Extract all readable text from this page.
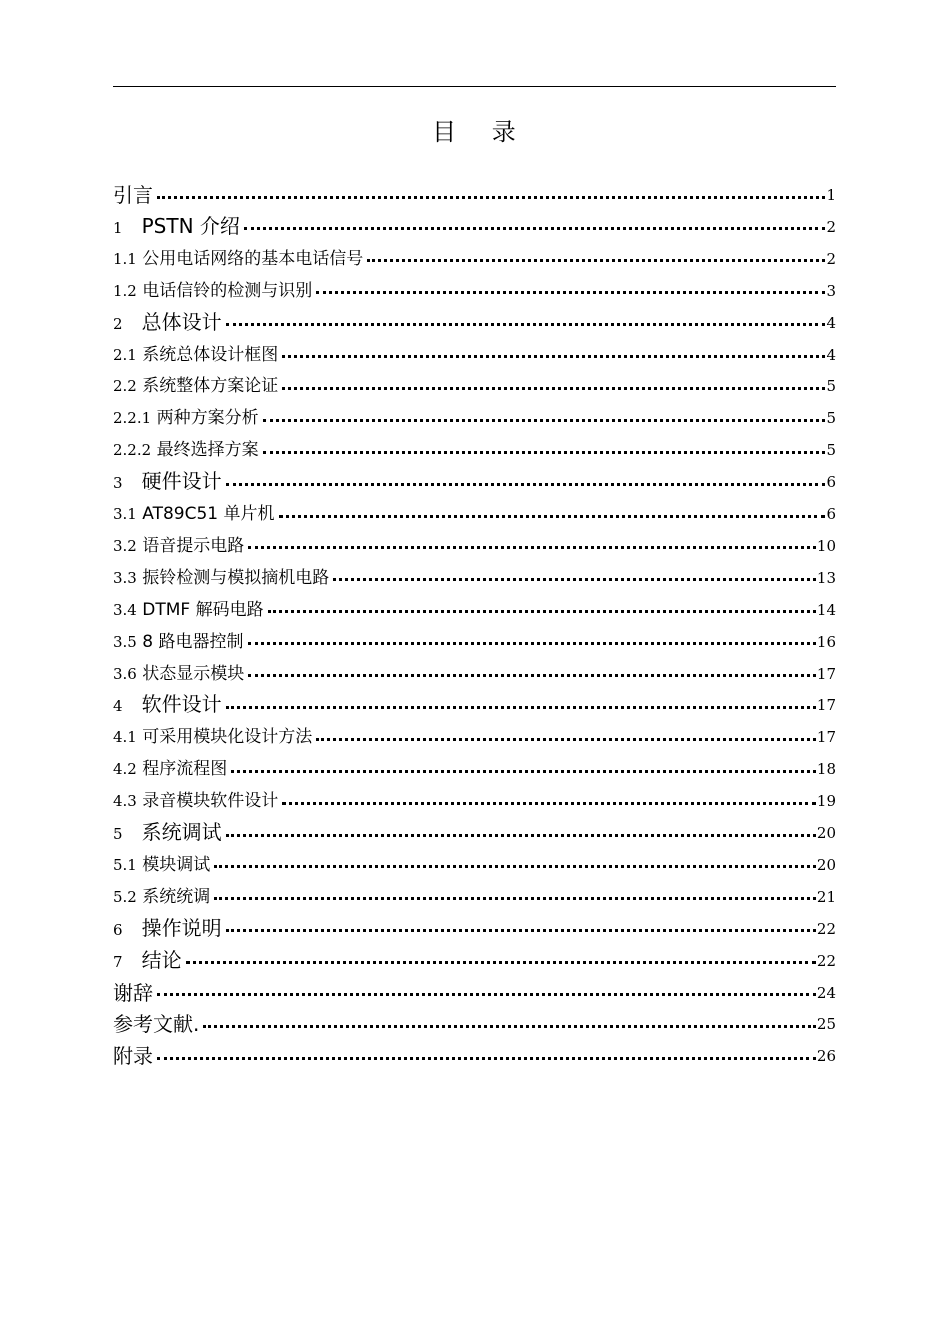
目 录
引言	1
1 PSTN 介绍	2
1.1 公用电话网络的基本电话信号	2
1.2 电话信铃的检测与识别	3
2 总体设计	4
2.1 系统总体设计框图	4
2.2 系统整体方案论证	5
2.2.1 两种方案分析	5
2.2.2 最终选择方案	5
3 硬件设计	6
3.1 AT89C51 单片机	6
3.2 语音提示电路	10
3.3 振铃检测与模拟摘机电路	13
3.4 DTMF 解码电路	14
3.5 8 路电器控制	16
3.6 状态显示模块	17
4 软件设计	17
4.1 可采用模块化设计方法	17
4.2 程序流程图	18
4.3 录音模块软件设计	19
5 系统调试	20
5.1 模块调试	20
5.2 系统统调	21
6 操作说明	22
7 结论	22
谢辞	24
参考文献.	25
附录	26
